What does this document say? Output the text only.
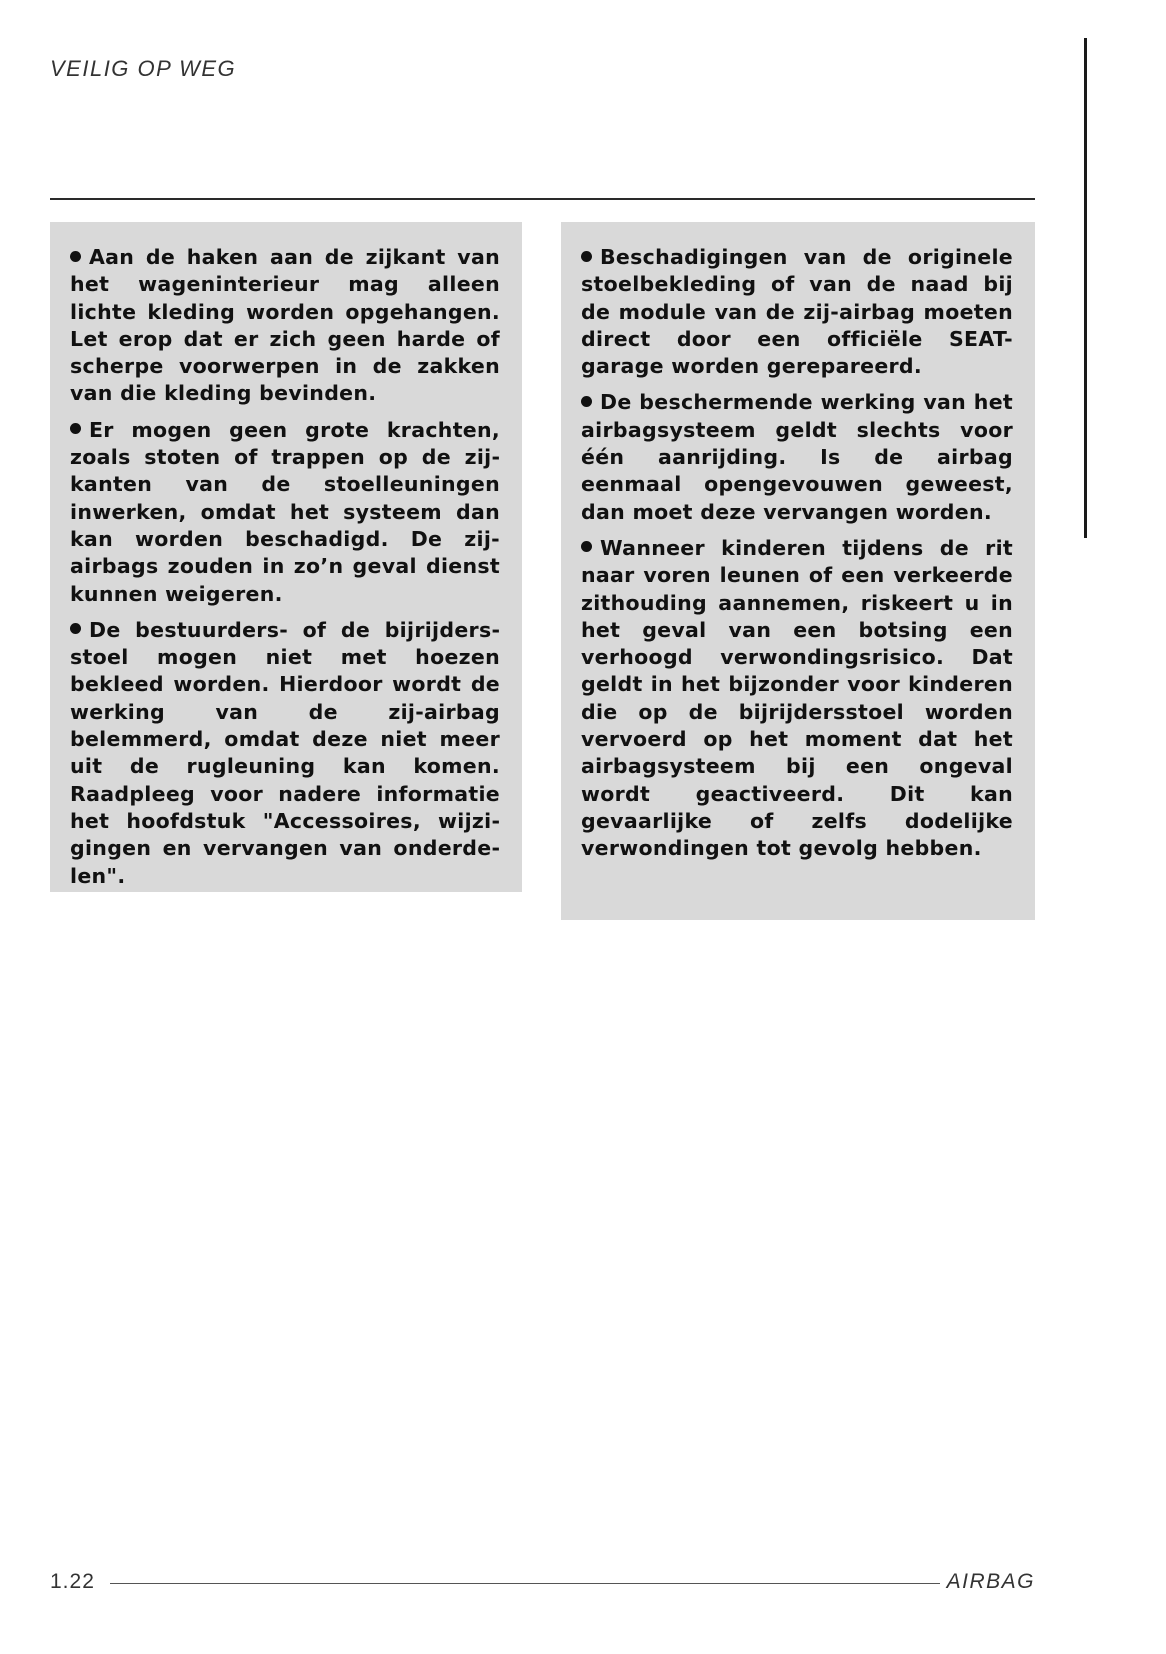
VEILIG OP WEG

Aan de haken aan de zijkant van het wageninterieur mag alleen lichte kleding worden opgehangen. Let erop dat er zich geen harde of scherpe voorwerpen in de zakken van die kleding bevinden.

Er mogen geen grote krachten, zoals stoten of trappen op de zijkanten van de stoelleuningen inwerken, omdat het systeem dan kan worden beschadigd. De zij-airbags zouden in zo’n geval dienst kunnen weigeren.

De bestuurders- of de bijrijdersstoel mogen niet met hoezen bekleed worden. Hierdoor wordt de werking van de zij-airbag belemmerd, omdat deze niet meer uit de rugleuning kan komen. Raadpleeg voor nadere informatie het hoofdstuk "Accessoires, wijzigingen en vervangen van onderdelen".

Beschadigingen van de originele stoelbekleding of van de naad bij de module van de zij-airbag moeten direct door een officiële SEAT-garage worden gerepareerd.

De beschermende werking van het airbagsysteem geldt slechts voor één aanrijding. Is de airbag eenmaal opengevouwen geweest, dan moet deze vervangen worden.

Wanneer kinderen tijdens de rit naar voren leunen of een verkeerde zithouding aannemen, riskeert u in het geval van een botsing een verhoogd verwondingsrisico. Dat geldt in het bijzonder voor kinderen die op de bijrijdersstoel worden vervoerd op het moment dat het airbagsysteem bij een ongeval wordt geactiveerd. Dit kan gevaarlijke of zelfs dodelijke verwondingen tot gevolg hebben.

1.22	AIRBAG
